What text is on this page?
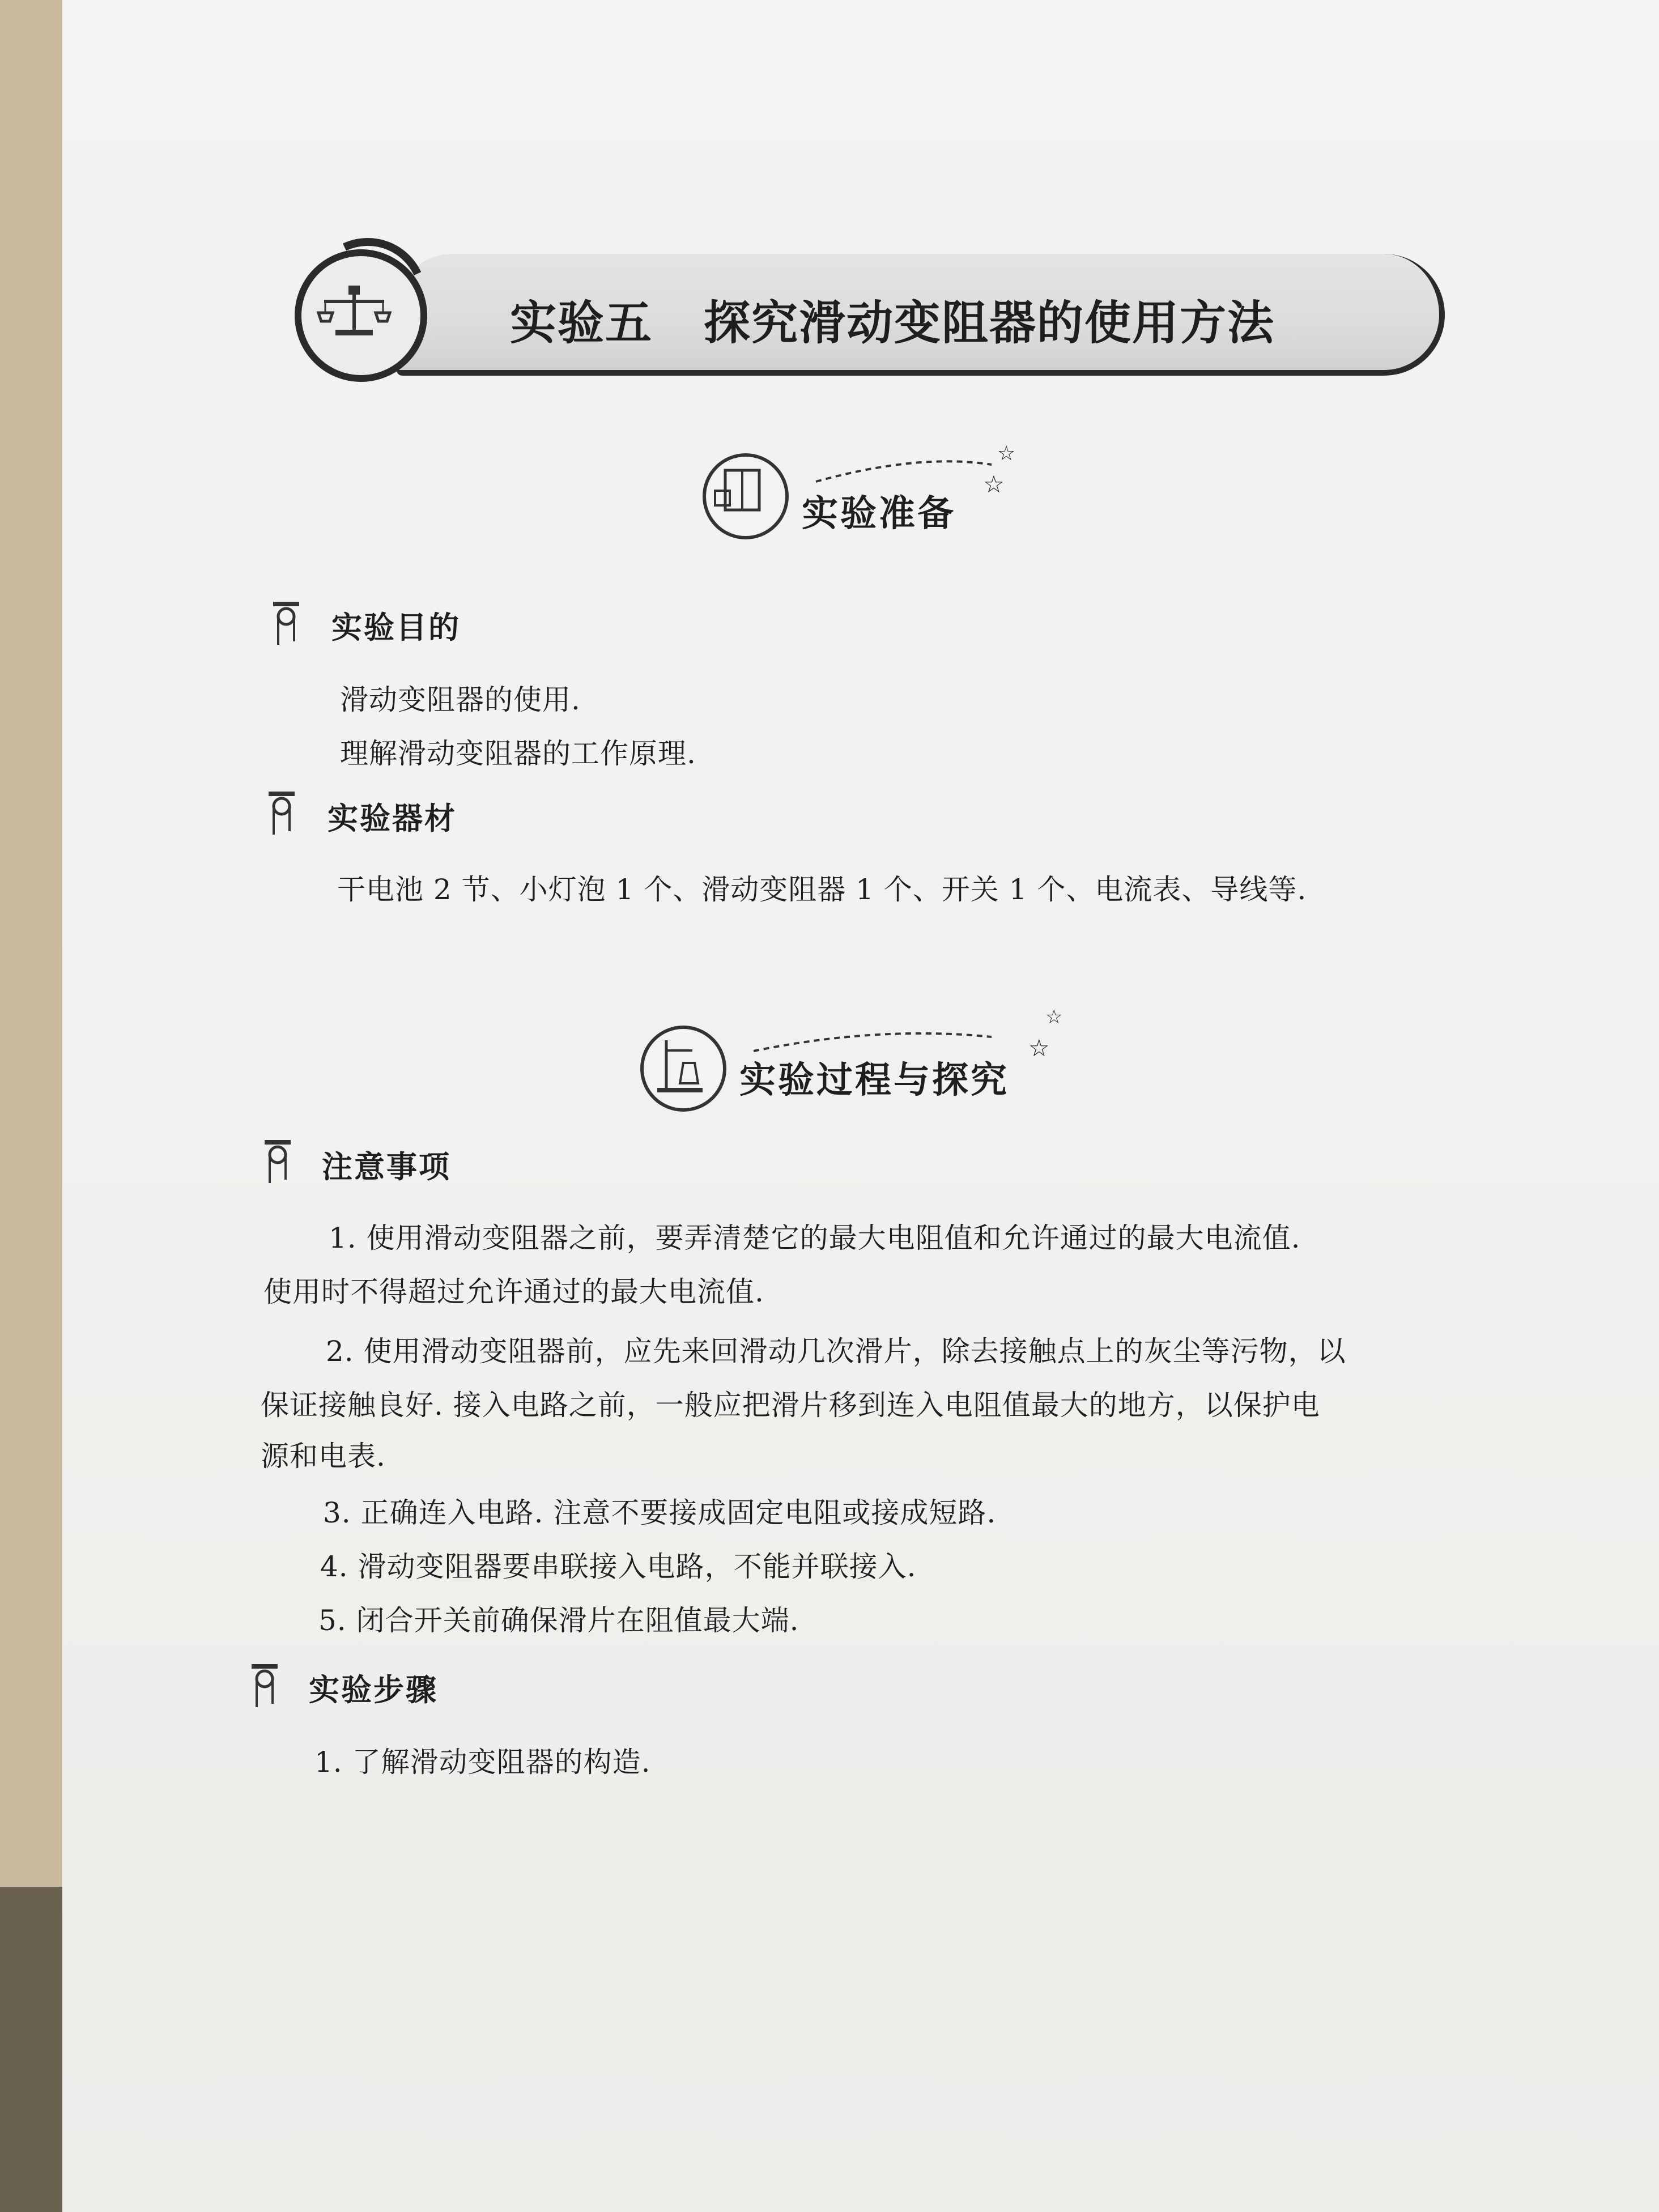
实验五 探究滑动变阻器的使用方法
☆
☆
实验准备
实验目的
滑动变阻器的使用.
理解滑动变阻器的工作原理.
实验器材
干电池 2 节、小灯泡 1 个、滑动变阻器 1 个、开关 1 个、电流表、导线等.
☆
☆
实验过程与探究
注意事项
1. 使用滑动变阻器之前，要弄清楚它的最大电阻值和允许通过的最大电流值.
使用时不得超过允许通过的最大电流值.
2. 使用滑动变阻器前，应先来回滑动几次滑片，除去接触点上的灰尘等污物，以
保证接触良好. 接入电路之前，一般应把滑片移到连入电阻值最大的地方，以保护电
源和电表.
3. 正确连入电路. 注意不要接成固定电阻或接成短路.
4. 滑动变阻器要串联接入电路，不能并联接入.
5. 闭合开关前确保滑片在阻值最大端.
实验步骤
1. 了解滑动变阻器的构造.
